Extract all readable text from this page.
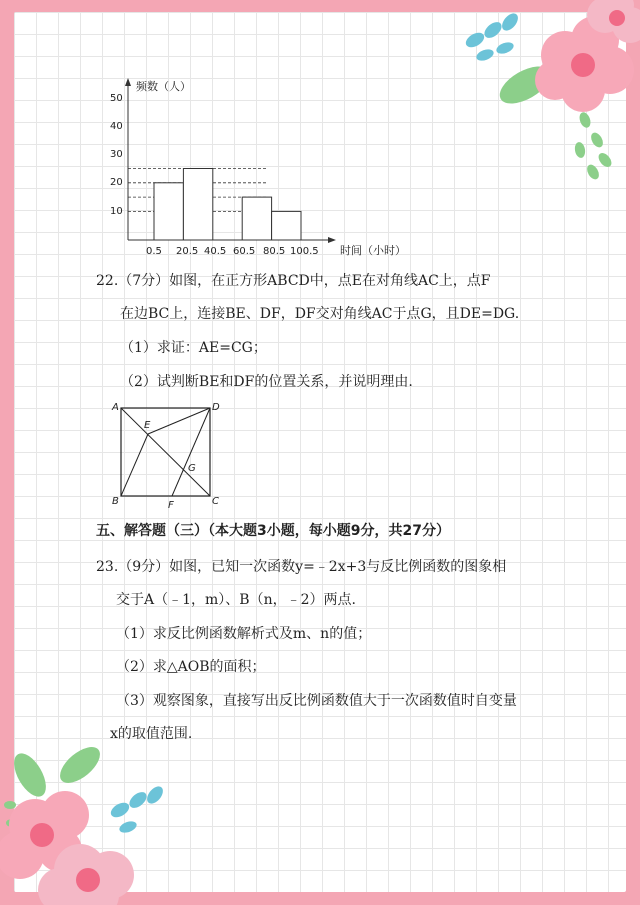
频数（人）
时间（小时）
50
40
30
20
10
0.5 20.5 40.5 60.5 80.5 100.5
22.（7分）如图，在正方形ABCD中，点E在对角线AC上，点F
在边BC上，连接BE、DF，DF交对角线AC于点G，且DE=DG.
（1）求证：AE=CG；
（2）试判断BE和DF的位置关系，并说明理由.
A	D
E
G
B	F	C
五、解答题（三）（本大题3小题，每小题9分，共27分）
23.（9分）如图，已知一次函数y=﹣2x+3与反比例函数的图象相
交于A（﹣1，m）、B（n，﹣2）两点.
（1）求反比例函数解析式及m、n的值；
（2）求△AOB的面积；
（3）观察图象，直接写出反比例函数值大于一次函数值时自变量
x的取值范围.
